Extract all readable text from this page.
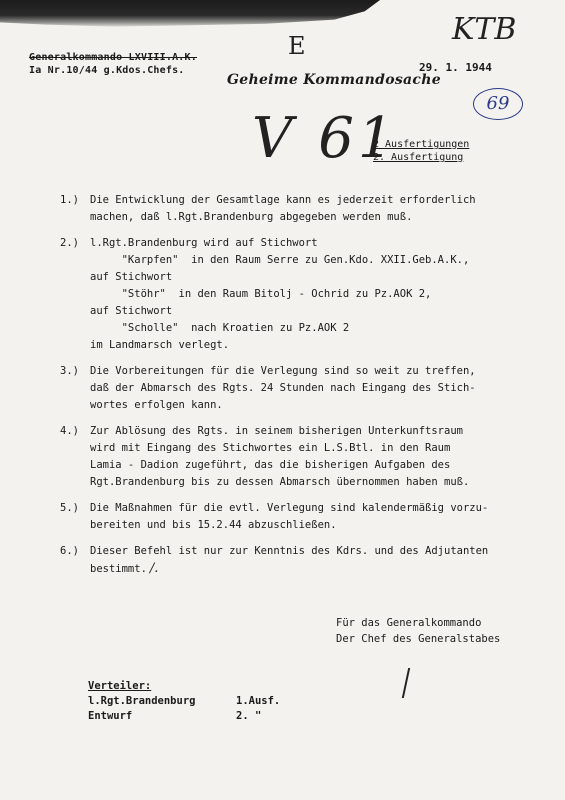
Generalkommando LXVIII.A.K.
Ia Nr.10/44 g.Kdos.Chefs.
Geheime Kommandosache
29. 1. 1944
KTB
E
69
V 61
2 Ausfertigungen
2. Ausfertigung
1.)	Die Entwicklung der Gesamtlage kann es jederzeit erforderlich
machen, daß l.Rgt.Brandenburg abgegeben werden muß.
2.)	l.Rgt.Brandenburg wird auf Stichwort
"Karpfen"  in den Raum Serre zu Gen.Kdo. XXII.Geb.A.K.,
auf Stichwort
"Stöhr"  in den Raum Bitolj - Ochrid zu Pz.AOK 2,
auf Stichwort
"Scholle"  nach Kroatien zu Pz.AOK 2
im Landmarsch verlegt.
3.)	Die Vorbereitungen für die Verlegung sind so weit zu treffen,
daß der Abmarsch des Rgts. 24 Stunden nach Eingang des Stich-
wortes erfolgen kann.
4.)	Zur Ablösung des Rgts. in seinem bisherigen Unterkunftsraum
wird mit Eingang des Stichwortes ein L.S.Btl. in den Raum
Lamia - Dadion zugeführt, das die bisherigen Aufgaben des
Rgt.Brandenburg bis zu dessen Abmarsch übernommen haben muß.
5.)	Die Maßnahmen für die evtl. Verlegung sind kalendermäßig vorzu-
bereiten und bis 15.2.44 abzuschließen.
6.)	Dieser Befehl ist nur zur Kenntnis des Kdrs. und des Adjutanten
bestimmt. /.
Für das Generalkommando
Der Chef des Generalstabes
Verteiler:
l.Rgt.Brandenburg	1.Ausf.
Entwurf	2. "
